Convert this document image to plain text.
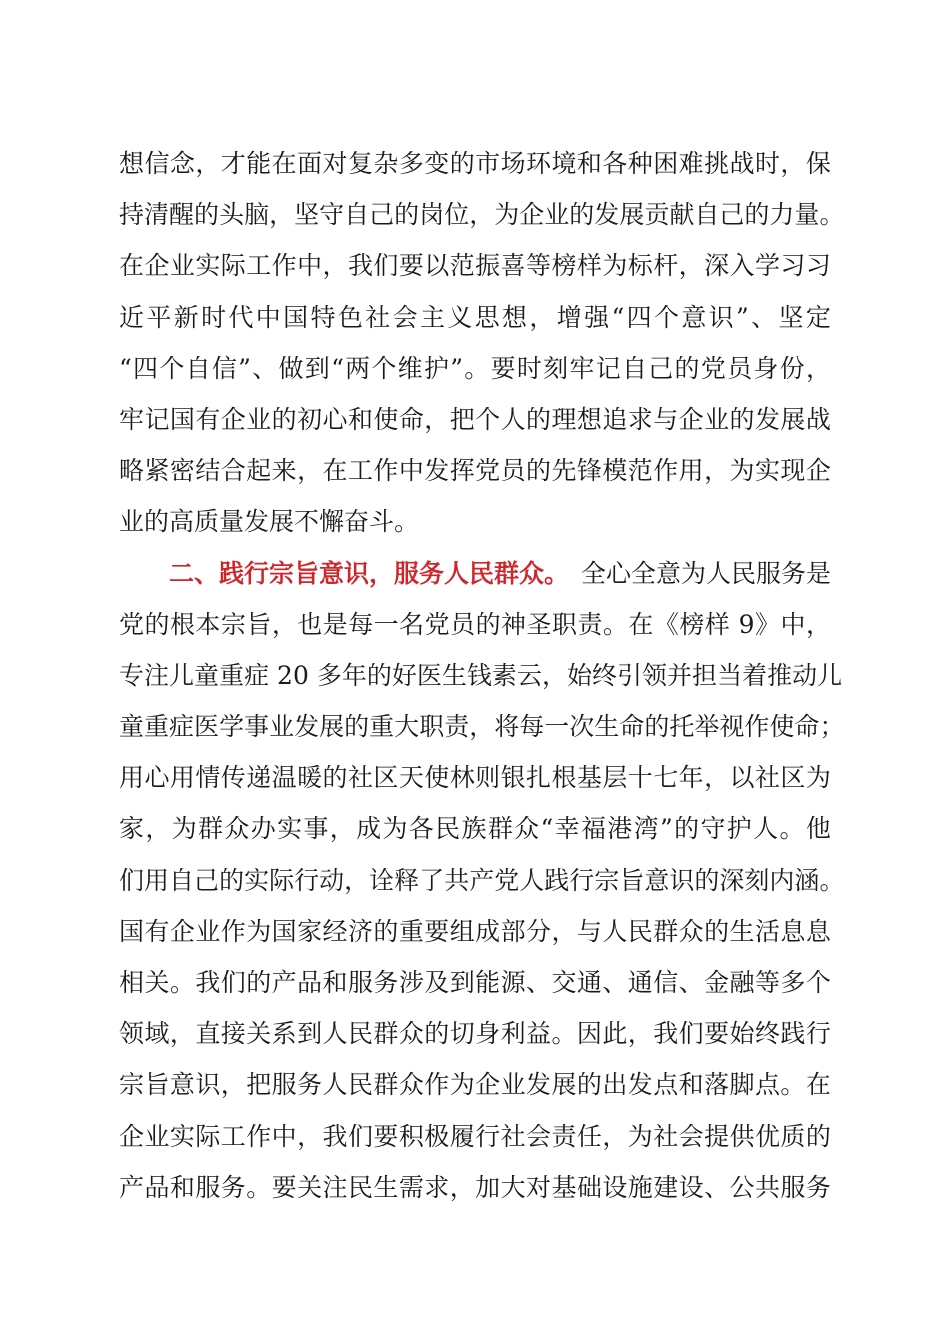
想 信 念 ， 才 能 在 面 对 复 杂 多 变 的 市 场 环 境 和 各 种 困 难 挑 战 时 ， 保
持 清 醒 的 头 脑 ， 坚 守 自 己 的 岗 位 ， 为 企 业 的 发 展 贡 献 自 己 的 力 量 。
在 企 业 实 际 工 作 中 ， 我 们 要 以 范 振 喜 等 榜 样 为 标 杆 ， 深 入 学 习 习
近 平 新 时 代 中 国 特 色 社 会 主 义 思 想 ， 增 强 “ 四 个 意 识 ” 、 坚 定
“ 四 个 自 信 ” 、 做 到 “ 两 个 维 护 ” 。 要 时 刻 牢 记 自 己 的 党 员 身 份 ，
牢 记 国 有 企 业 的 初 心 和 使 命 ， 把 个 人 的 理 想 追 求 与 企 业 的 发 展 战
略 紧 密 结 合 起 来 ， 在 工 作 中 发 挥 党 员 的 先 锋 模 范 作 用 ， 为 实 现 企
业的高质量发展不懈奋斗。
二、践行宗旨意识，服务人民群众。 全心全意为人民服务是
党 的 根 本 宗 旨 ， 也 是 每 一 名 党 员 的 神 圣 职 责 。 在 《 榜 样
9 》 中 ，
专 注 儿 童 重 症
20
多 年 的 好 医 生 钱 素 云 ， 始 终 引 领 并 担 当 着 推 动 儿
童 重 症 医 学 事 业 发 展 的 重 大 职 责 ， 将 每 一 次 生 命 的 托 举 视 作 使 命 ；
用 心 用 情 传 递 温 暖 的 社 区 天 使 林 则 银 扎 根 基 层 十 七 年 ， 以 社 区 为
家 ， 为 群 众 办 实 事 ， 成 为 各 民 族 群 众 “ 幸 福 港 湾 ” 的 守 护 人 。 他
们 用 自 己 的 实 际 行 动 ， 诠 释 了 共 产 党 人 践 行 宗 旨 意 识 的 深 刻 内 涵 。
国 有 企 业 作 为 国 家 经 济 的 重 要 组 成 部 分 ， 与 人 民 群 众 的 生 活 息 息
相 关 。 我 们 的 产 品 和 服 务 涉 及 到 能 源 、 交 通 、 通 信 、 金 融 等 多 个
领 域 ， 直 接 关 系 到 人 民 群 众 的 切 身 利 益 。 因 此 ， 我 们 要 始 终 践 行
宗 旨 意 识 ， 把 服 务 人 民 群 众 作 为 企 业 发 展 的 出 发 点 和 落 脚 点 。 在
企 业 实 际 工 作 中 ， 我 们 要 积 极 履 行 社 会 责 任 ， 为 社 会 提 供 优 质 的
产 品 和 服 务 。 要 关 注 民 生 需 求 ， 加 大 对 基 础 设 施 建 设 、 公 共 服 务
